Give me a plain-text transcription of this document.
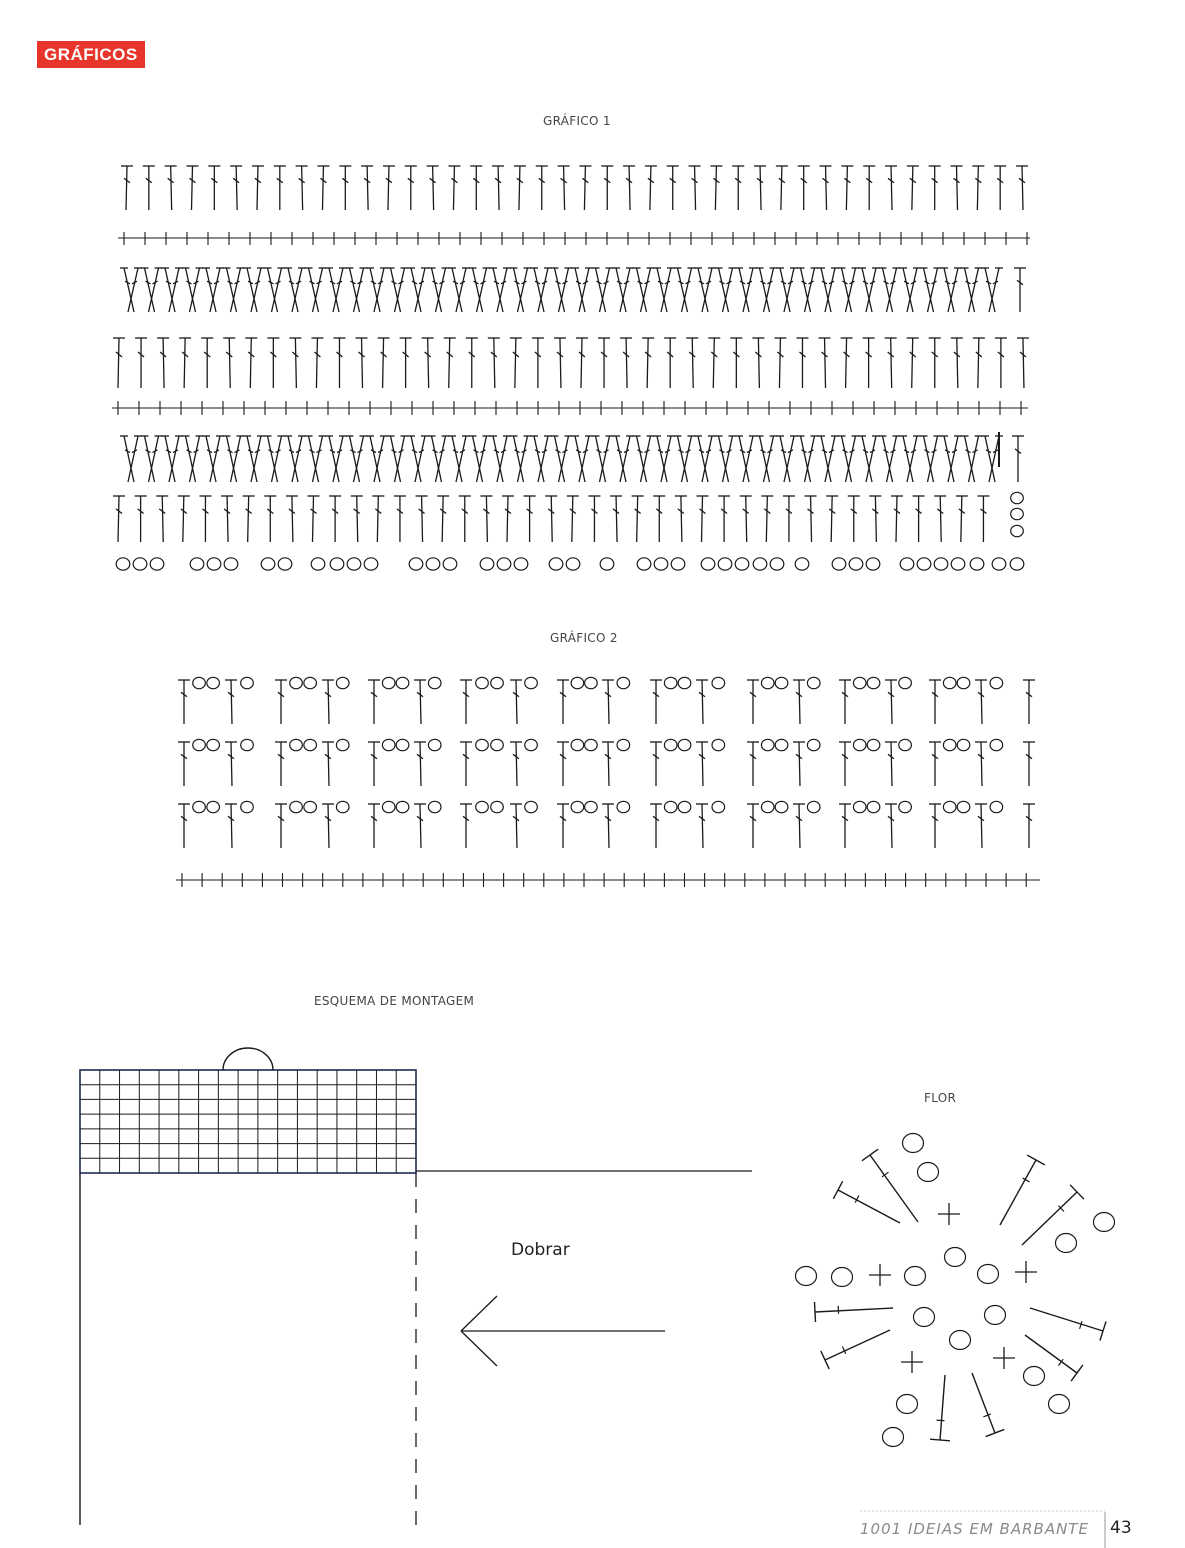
GRÁFICOS
GRÁFICO 1
GRÁFICO 2
ESQUEMA DE MONTAGEM
FLOR
Dobrar
1001 IDEIAS EM BARBANTE 43
